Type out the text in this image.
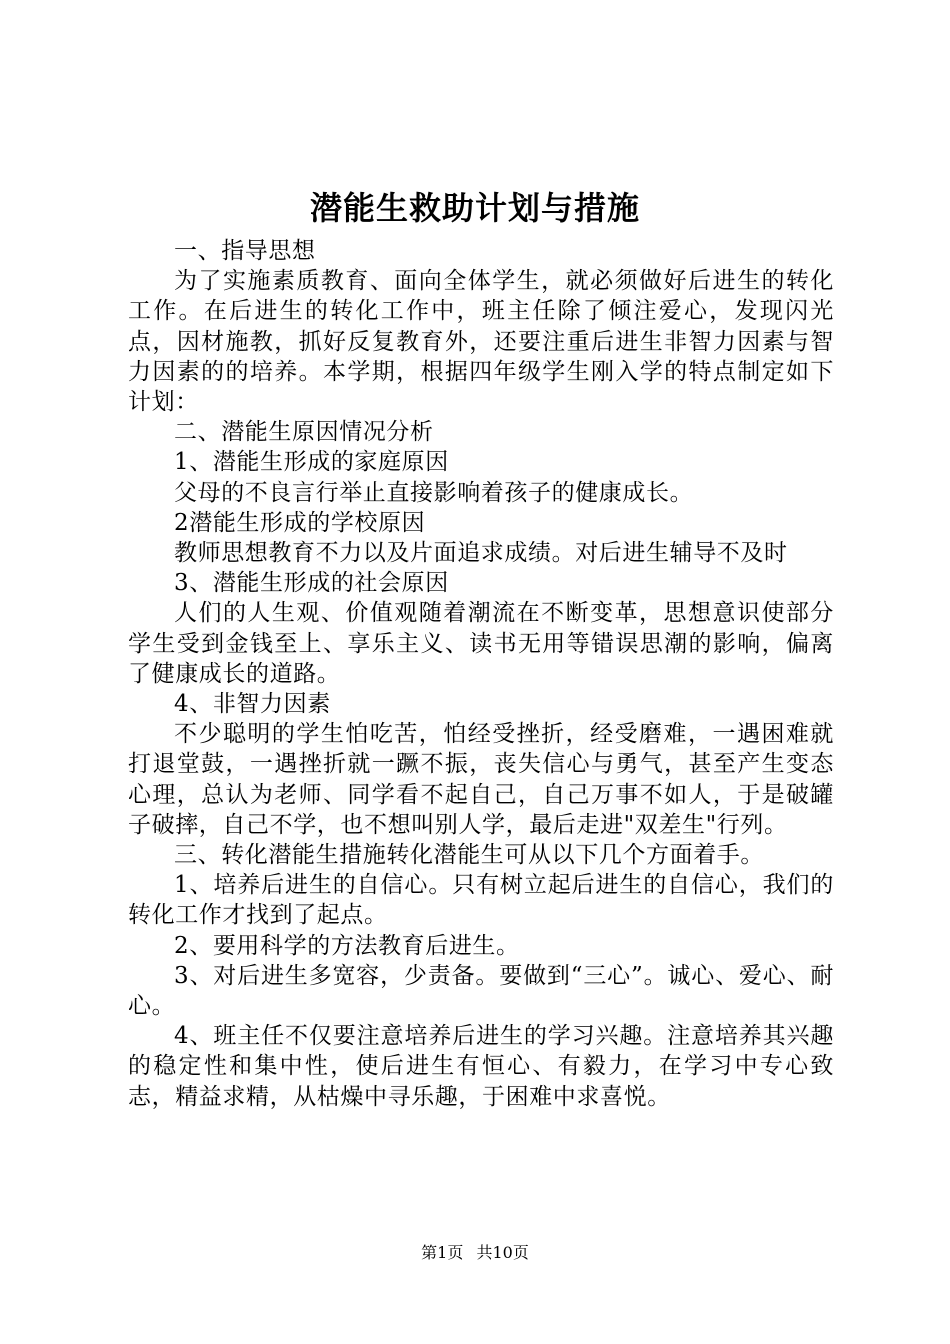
潜能生救助计划与措施

一、指导思想

为了实施素质教育、面向全体学生，就必须做好后进生的转化工作。在后进生的转化工作中，班主任除了倾注爱心，发现闪光点，因材施教，抓好反复教育外，还要注重后进生非智力因素与智力因素的的培养。本学期，根据四年级学生刚入学的特点制定如下计划：

二、潜能生原因情况分析

1、潜能生形成的家庭原因

父母的不良言行举止直接影响着孩子的健康成长。

2潜能生形成的学校原因

教师思想教育不力以及片面追求成绩。对后进生辅导不及时

3、潜能生形成的社会原因

人们的人生观、价值观随着潮流在不断变革，思想意识使部分学生受到金钱至上、享乐主义、读书无用等错误思潮的影响，偏离了健康成长的道路。

4、非智力因素

不少聪明的学生怕吃苦，怕经受挫折，经受磨难，一遇困难就打退堂鼓，一遇挫折就一蹶不振，丧失信心与勇气，甚至产生变态心理，总认为老师、同学看不起自己，自己万事不如人，于是破罐子破摔，自己不学，也不想叫别人学，最后走进"双差生"行列。

三、转化潜能生措施转化潜能生可从以下几个方面着手。

1、培养后进生的自信心。只有树立起后进生的自信心，我们的转化工作才找到了起点。

2、要用科学的方法教育后进生。

3、对后进生多宽容，少责备。要做到“三心”。诚心、爱心、耐心。

4、班主任不仅要注意培养后进生的学习兴趣。注意培养其兴趣的稳定性和集中性，使后进生有恒心、有毅力，在学习中专心致志，精益求精，从枯燥中寻乐趣，于困难中求喜悦。

第1页 共10页
